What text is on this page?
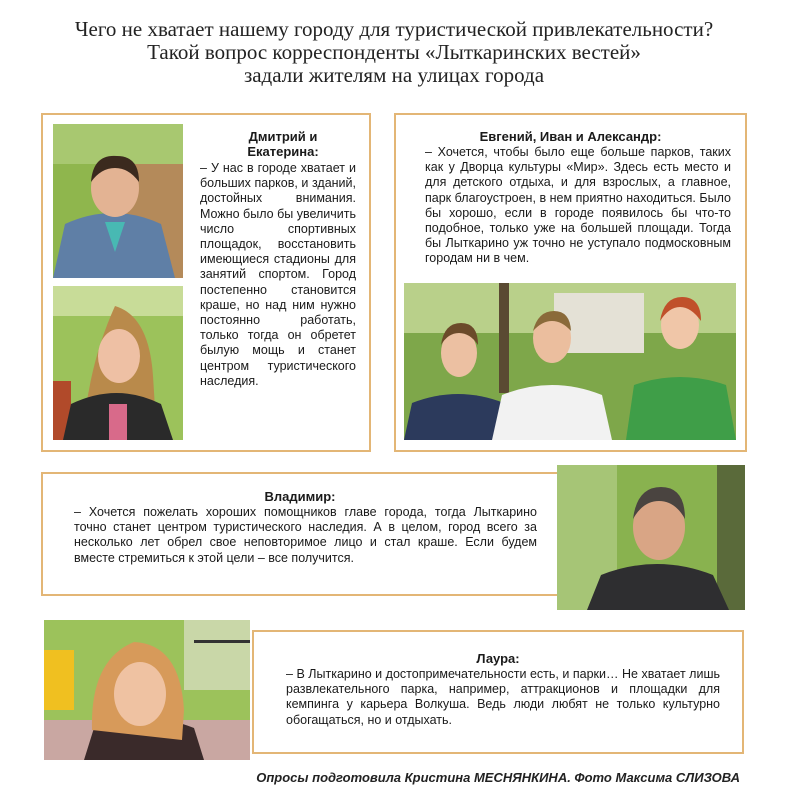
Чего не хватает нашему городу для туристической привлекательности?
Такой вопрос корреспонденты «Лыткаринских вестей»
задали жителям на улицах города
Дмитрий и Екатерина:
– У нас в городе хватает и больших парков, и зданий, достойных внимания. Можно было бы увеличить число спортивных площадок, восстановить имеющиеся стадионы для занятий спортом. Город постепенно становится краше, но над ним нужно постоянно работать, только тогда он обретет былую мощь и станет центром туристического наследия.
Евгений, Иван и Александр:
– Хочется, чтобы было еще больше парков, таких как у Дворца культуры «Мир». Здесь есть место и для детского отдыха, и для взрослых, а главное, парк благоустроен, в нем приятно находиться. Было бы хорошо, если в городе появилось бы что-то подобное, только уже на большей площади. Тогда бы Лыткарино уж точно не уступало подмосковным городам ни в чем.
Владимир:
– Хочется пожелать хороших помощников главе города, тогда Лыткарино точно станет центром туристического наследия. А в целом, город всего за несколько лет обрел свое неповторимое лицо и стал краше. Если будем вместе стремиться к этой цели – все получится.
Лаура:
– В Лыткарино и достопримечательности есть, и парки… Не хватает лишь развлекательного парка, например, аттракционов и площадки для кемпинга у карьера Волкуша. Ведь люди любят не только культурно обогащаться, но и отдыхать.
Опросы подготовила Кристина МЕСНЯНКИНА. Фото Максима СЛИЗОВА
